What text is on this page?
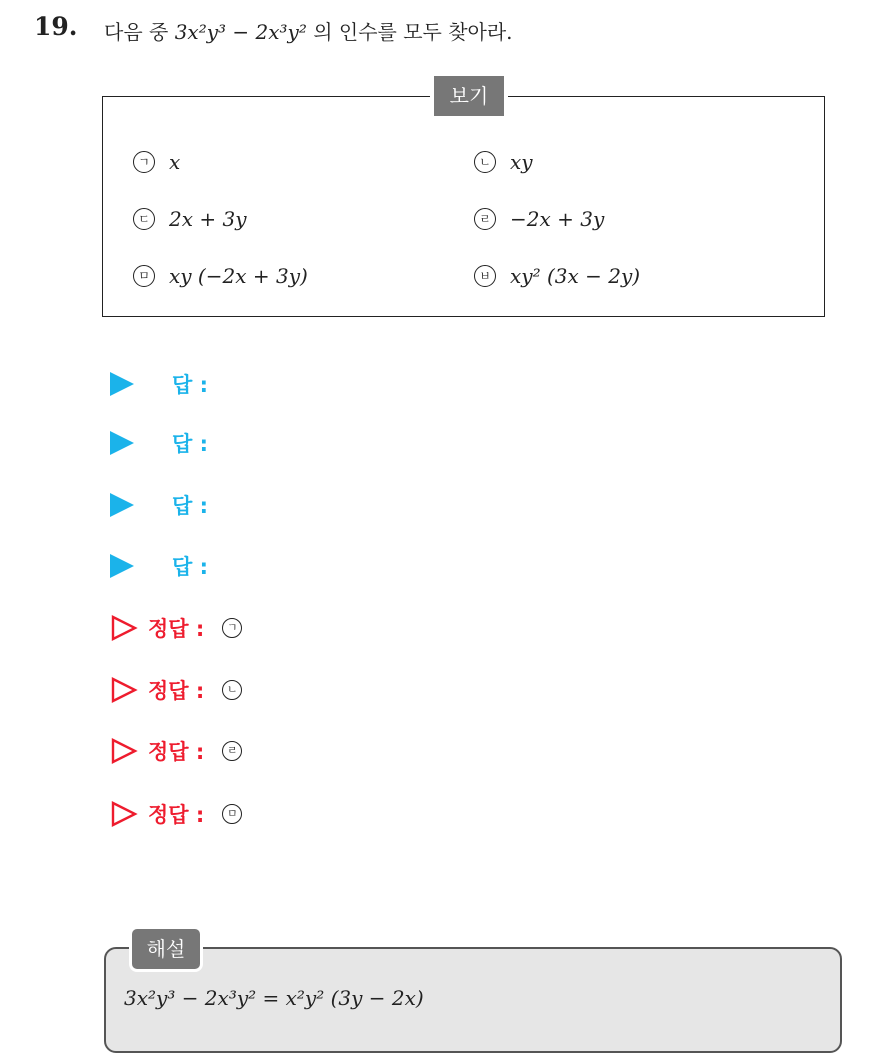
19. 다음 중 3x²y³ − 2x³y² 의 인수를 모두 찾아라.
보기
ㄱ x	ㄴ xy
ㄷ 2x + 3y	ㄹ −2x + 3y
ㅁ xy (−2x + 3y)	ㅂ xy² (3x − 2y)
답 :
답 :
답 :
답 :
정답 :	ㄱ
정답 :	ㄴ
정답 :	ㄹ
정답 :	ㅁ
해설
3x²y³ − 2x³y² = x²y² (3y − 2x)
